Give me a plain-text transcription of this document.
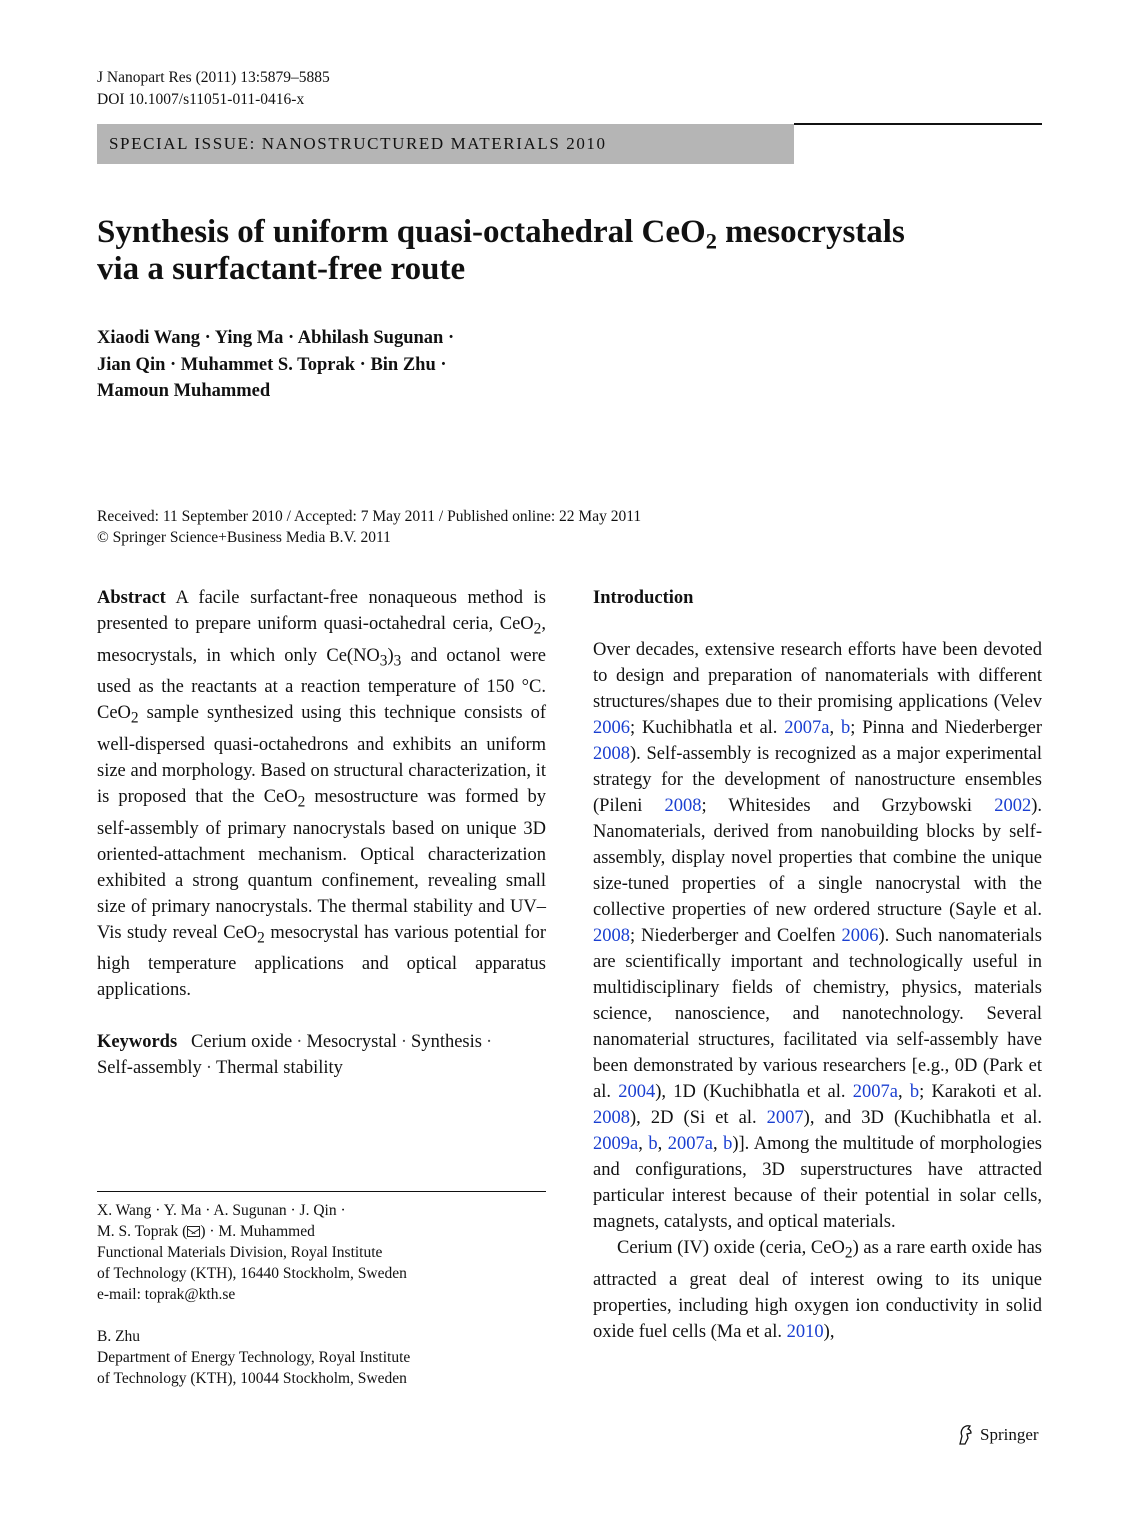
J Nanopart Res (2011) 13:5879–5885
DOI 10.1007/s11051-011-0416-x
SPECIAL ISSUE: NANOSTRUCTURED MATERIALS 2010
Synthesis of uniform quasi-octahedral CeO$_2$ mesocrystals
via a surfactant-free route
Xiaodi Wang · Ying Ma · Abhilash Sugunan ·
Jian Qin · Muhammet S. Toprak · Bin Zhu ·
Mamoun Muhammed
Received: 11 September 2010 / Accepted: 7 May 2011 / Published online: 22 May 2011
© Springer Science+Business Media B.V. 2011

Abstract A facile surfactant-free nonaqueous method is presented to prepare uniform quasi-octahedral ceria, CeO$_2$, mesocrystals, in which only $Ce(NO_3)_3$ and octanol were used as the reactants at a reaction temperature of 150 °C. CeO$_2$ sample synthesized using this technique consists of well-dispersed quasi-octahedrons and exhibits an uniform size and morphology. Based on structural characterization, it is proposed that the CeO$_2$ mesostructure was formed by self-assembly of primary nanocrystals based on unique 3D oriented-attachment mechanism. Optical characterization exhibited a strong quantum confinement, revealing small size of primary nanocrystals. The thermal stability and UV–Vis study reveal CeO$_2$ mesocrystal has various potential for high temperature applications and optical apparatus applications.

Keywords Cerium oxide · Mesocrystal · Synthesis ·
Self-assembly · Thermal stability

X. Wang · Y. Ma · A. Sugunan · J. Qin ·
M. S. Toprak ( ) · M. Muhammed
Functional Materials Division, Royal Institute
of Technology (KTH), 16440 Stockholm, Sweden
e-mail: toprak@kth.se
B. Zhu
Department of Energy Technology, Royal Institute
of Technology (KTH), 10044 Stockholm, Sweden
Introduction

Over decades, extensive research efforts have been devoted to design and preparation of nanomaterials with different structures/shapes due to their promising applications (Velev 2006; Kuchibhatla et al. 2007a, b; Pinna and Niederberger 2008). Self-assembly is recognized as a major experimental strategy for the development of nanostructure ensembles (Pileni 2008; Whitesides and Grzybowski 2002). Nanomaterials, derived from nanobuilding blocks by self-assembly, display novel properties that combine the unique size-tuned properties of a single nanocrystal with the collective properties of new ordered structure (Sayle et al. 2008; Niederberger and Coelfen 2006). Such nanomaterials are scientifically important and technologically useful in multidisciplinary fields of chemistry, physics, materials science, nanoscience, and nanotechnology. Several nanomaterial structures, facilitated via self-assembly have been demonstrated by various researchers [e.g., 0D (Park et al. 2004), 1D (Kuchibhatla et al. 2007a, b; Karakoti et al. 2008), 2D (Si et al. 2007), and 3D (Kuchibhatla et al. 2009a, b, 2007a, b)]. Among the multitude of morphologies and configurations, 3D superstructures have attracted particular interest because of their potential in solar cells, magnets, catalysts, and optical materials.

Cerium (IV) oxide (ceria, CeO$_2$) as a rare earth oxide has attracted a great deal of interest owing to its unique properties, including high oxygen ion conductivity in solid oxide fuel cells (Ma et al. 2010),

Springer
